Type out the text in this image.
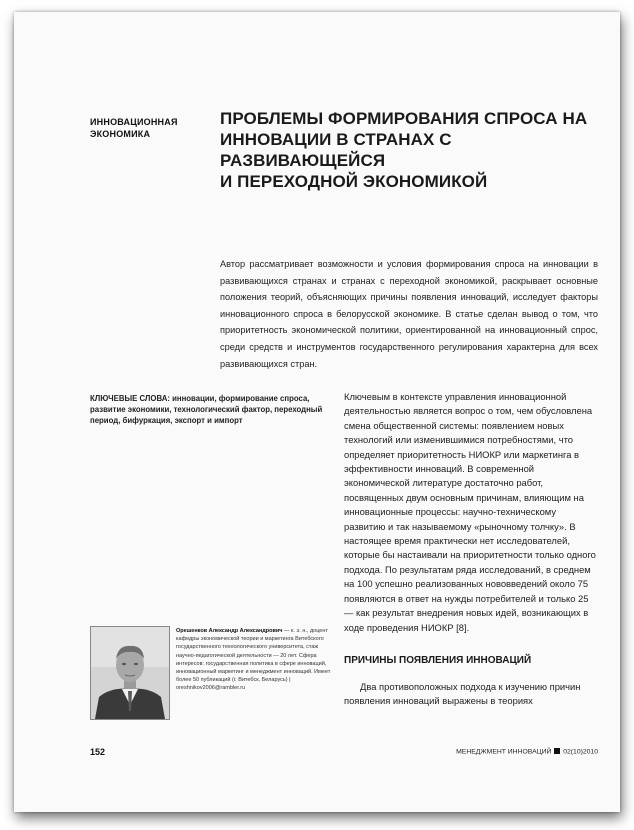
ИННОВАЦИОННАЯ
ЭКОНОМИКА
ПРОБЛЕМЫ ФОРМИРОВАНИЯ СПРОСА НА
ИННОВАЦИИ В СТРАНАХ С РАЗВИВАЮЩЕЙСЯ
И ПЕРЕХОДНОЙ ЭКОНОМИКОЙ
Автор рассматривает возможности и условия формирования спроса на инновации в развивающихся странах и странах с переходной экономикой, раскрывает основные положения теорий, объясняющих причины появления инноваций, исследует факторы инновационного спроса в белорусской экономике. В статье сделан вывод о том, что приоритетность экономической политики, ориентированной на инновационный спрос, среди средств и инструментов государственного регулирования характерна для всех развивающихся стран.
КЛЮЧЕВЫЕ СЛОВА: инновации, формирование спроса, развитие экономики, технологический фактор, переходный период, бифуркация, экспорт и импорт

Ключевым в контексте управления инновационной деятельностью является вопрос о том, чем обусловлена смена общественной системы: появлением новых технологий или изменившимися потребностями, что определяет приоритетность НИОКР или маркетинга в эффективности инноваций. В современной экономической литературе достаточно работ, посвященных двум основным причинам, влияющим на инновационные процессы: научно-техническому развитию и так называемому «рыночному толчку». В настоящее время практически нет исследователей, которые бы настаивали на приоритетности только одного подхода. По результатам ряда исследований, в среднем на 100 успешно реализованных нововведений около 75 появляются в ответ на нужды потребителей и только 25 — как результат внедрения новых идей, возникающих в ходе проведения НИОКР [8].

ПРИЧИНЫ ПОЯВЛЕНИЯ ИННОВАЦИЙ
Два противоположных подхода к изучению причин появления инноваций выражены в теориях
Орешенков Александр Александрович — к. э. н., доцент кафедры экономической теории и маркетинга Витебского государственного технологического университета, стаж научно-педагогической деятельности — 20 лет. Сфера интересов: государственная политика в сфере инноваций, инновационный маркетинг и менеджмент инноваций. Имеет более 50 публикаций (г. Витебск, Беларусь) | oreshnikov2006@rambler.ru
152	МЕНЕДЖМЕНТ ИННОВАЦИЙ 02(10)2010
